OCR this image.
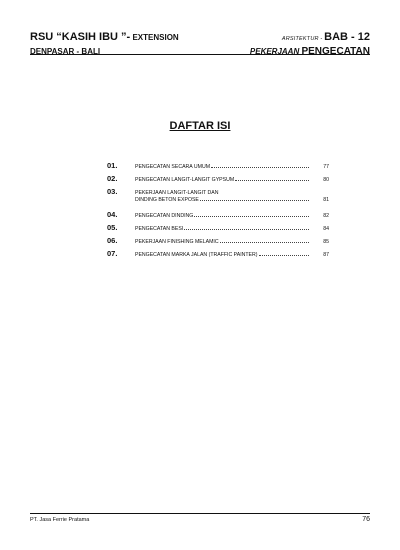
RSU “KASIH IBU ”- EXTENSION	ARSITEKTUR - BAB - 12
DENPASAR - BALI	PEKERJAAN PENGECATAN
DAFTAR ISI
01.	PENGECATAN SECARA UMUM	77
02.	PENGECATAN LANGIT-LANGIT GYPSUM	80
03.	PEKERJAAN LANGIT-LANGIT DAN
DINDING BETON EXPOSE	81
04.	PENGECATAN DINDING	82
05.	PENGECATAN BESI	84
06.	PEKERJAAN FINISHING MELAMIC	85
07.	PENGECATAN MARKA JALAN (TRAFFIC PAINTER)	87
PT. Jasa Ferrie Pratama	76
